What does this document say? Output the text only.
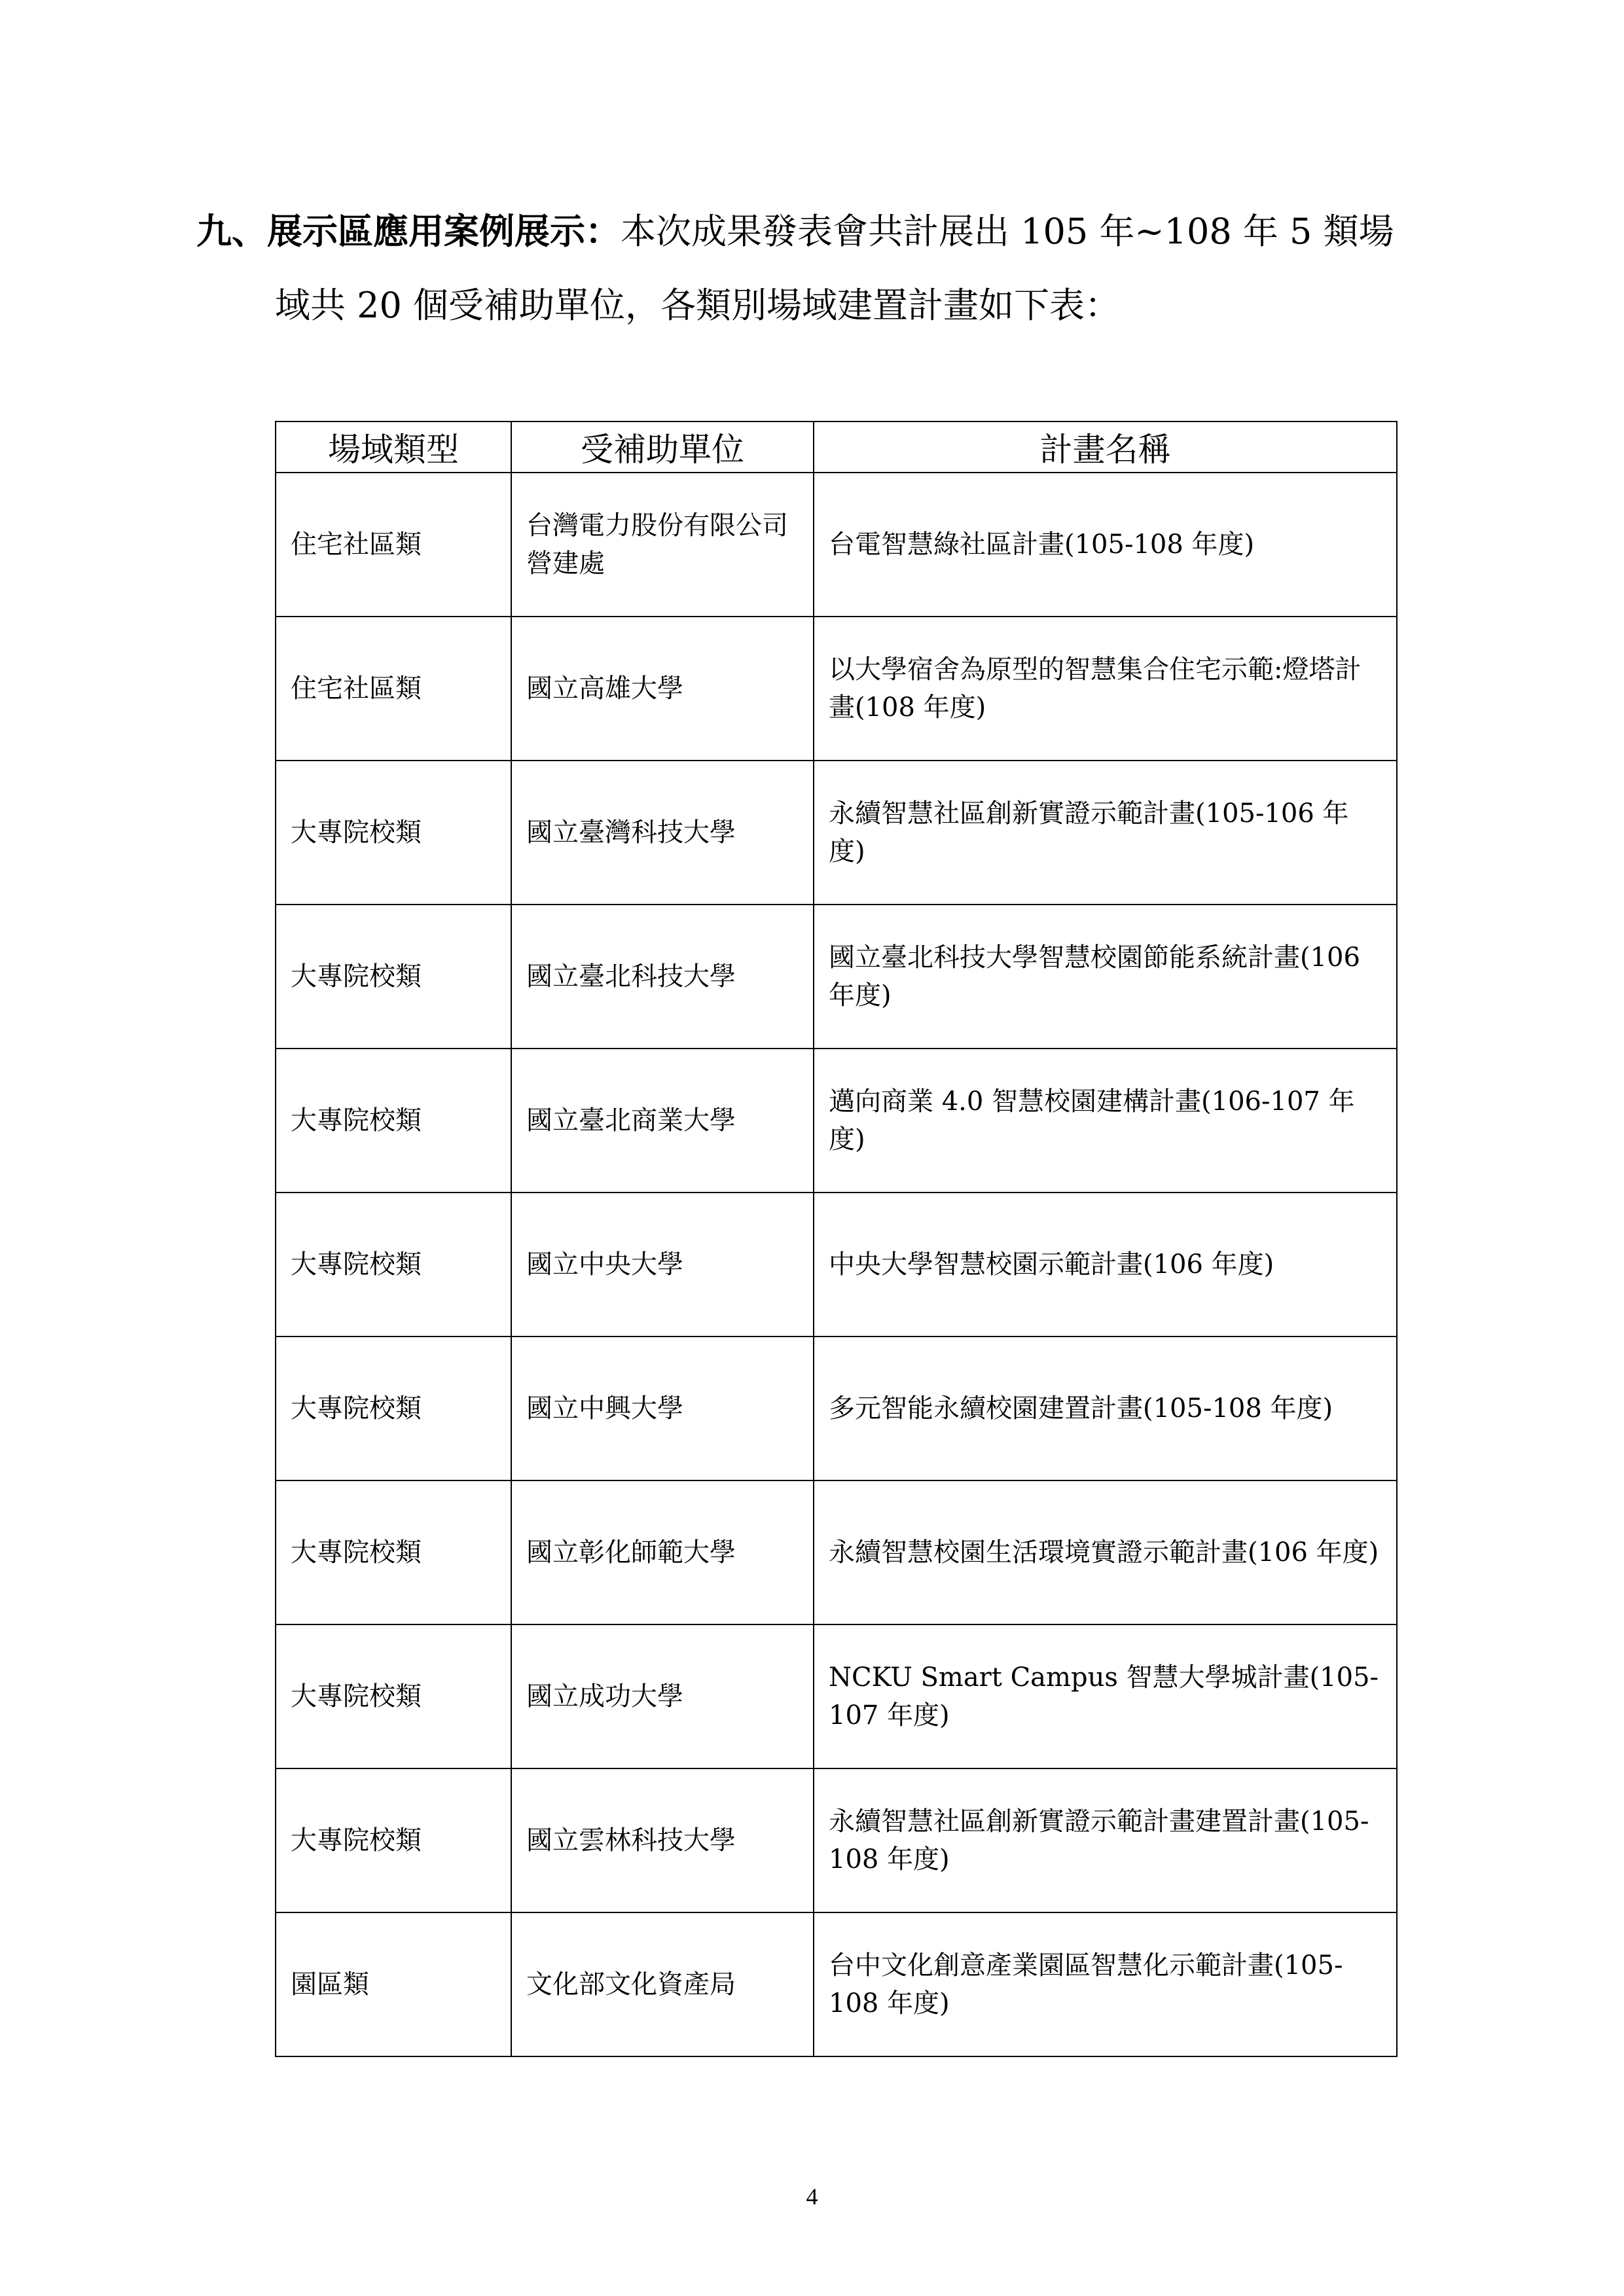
九、展示區應用案例展示：本次成果發表會共計展出 105 年~108 年 5 類場
域共 20 個受補助單位，各類別場域建置計畫如下表：
場域類型	受補助單位	計畫名稱
住宅社區類	台灣電力股份有限公司營建處	台電智慧綠社區計畫(105-108 年度)
住宅社區類	國立高雄大學	以大學宿舍為原型的智慧集合住宅示範:燈塔計畫(108 年度)
大專院校類	國立臺灣科技大學	永續智慧社區創新實證示範計畫(105-106 年度)
大專院校類	國立臺北科技大學	國立臺北科技大學智慧校園節能系統計畫(106 年度)
大專院校類	國立臺北商業大學	邁向商業 4.0 智慧校園建構計畫(106-107 年度)
大專院校類	國立中央大學	中央大學智慧校園示範計畫(106 年度)
大專院校類	國立中興大學	多元智能永續校園建置計畫(105-108 年度)
大專院校類	國立彰化師範大學	永續智慧校園生活環境實證示範計畫(106 年度)
大專院校類	國立成功大學	NCKU Smart Campus 智慧大學城計畫(105-107 年度)
大專院校類	國立雲林科技大學	永續智慧社區創新實證示範計畫建置計畫(105-108 年度)
園區類	文化部文化資產局	台中文化創意產業園區智慧化示範計畫(105-108 年度)
4
